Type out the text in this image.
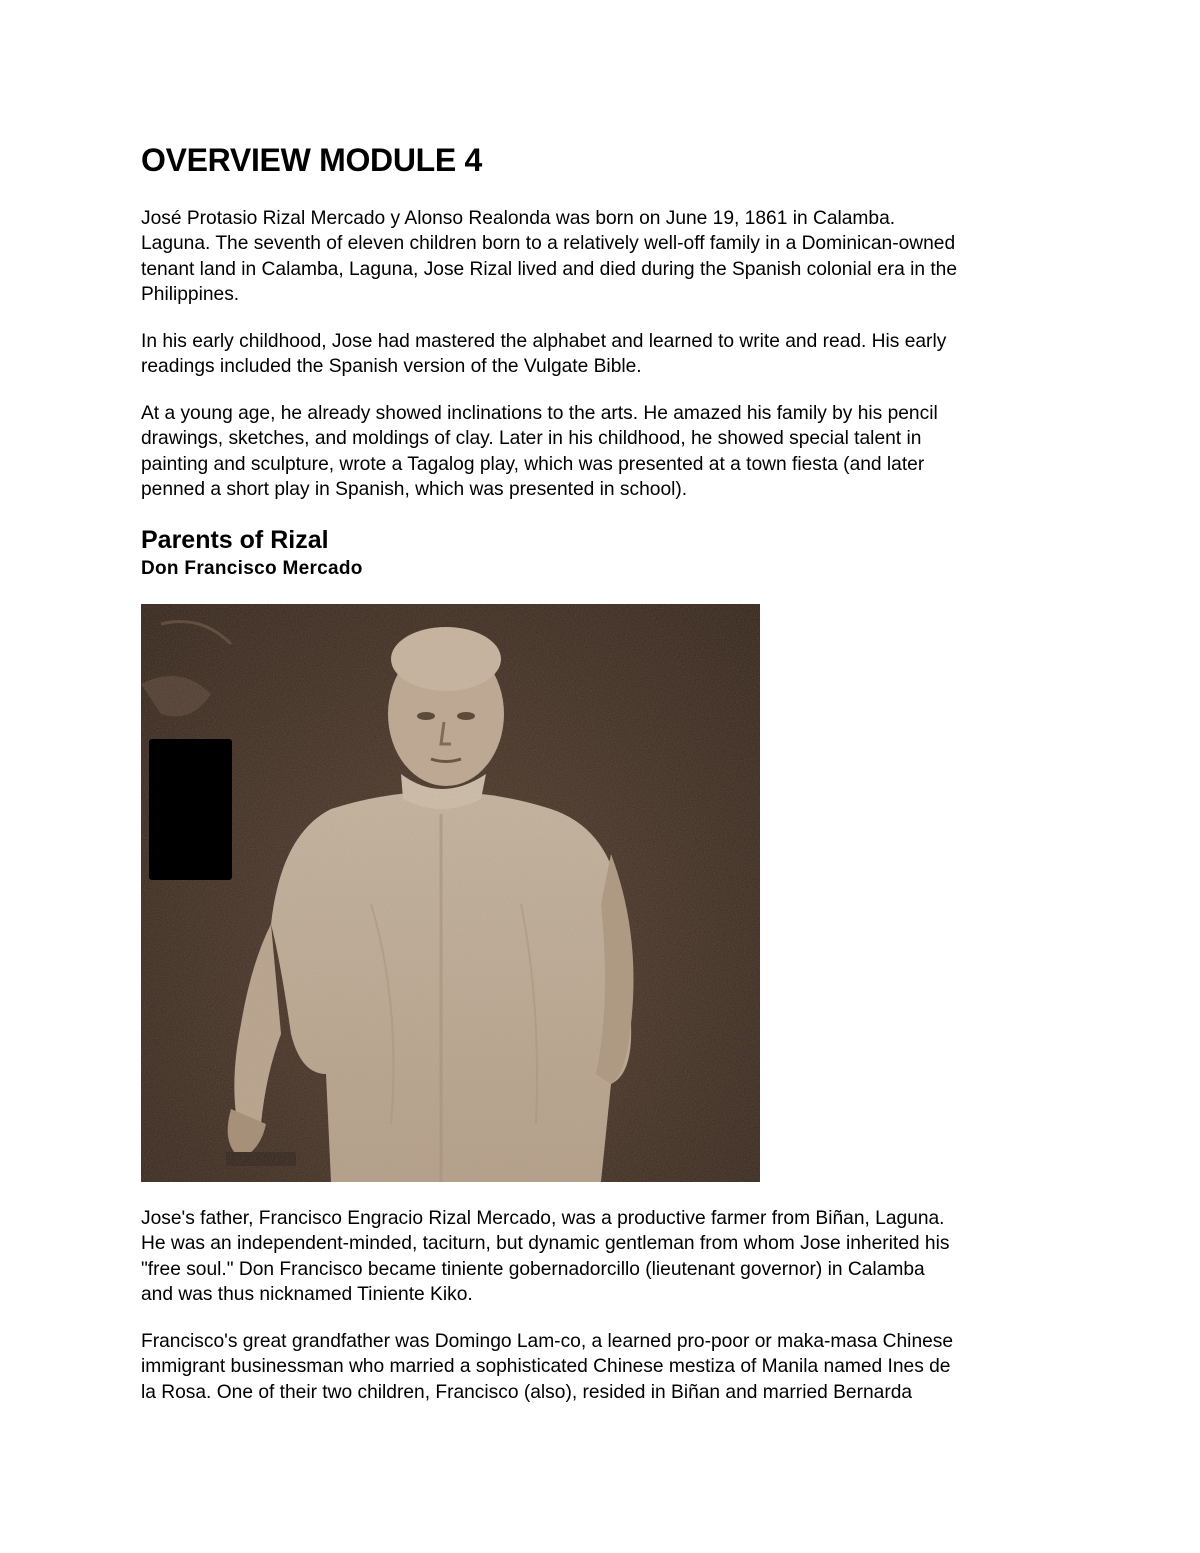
OVERVIEW MODULE 4

José Protasio Rizal Mercado y Alonso Realonda was born on June 19, 1861 in Calamba.
Laguna. The seventh of eleven children born to a relatively well-off family in a Dominican-owned
tenant land in Calamba, Laguna, Jose Rizal lived and died during the Spanish colonial era in the
Philippines.

In his early childhood, Jose had mastered the alphabet and learned to write and read. His early
readings included the Spanish version of the Vulgate Bible.

At a young age, he already showed inclinations to the arts. He amazed his family by his pencil
drawings, sketches, and moldings of clay. Later in his childhood, he showed special talent in
painting and sculpture, wrote a Tagalog play, which was presented at a town fiesta (and later
penned a short play in Spanish, which was presented in school).

Parents of Rizal
Don Francisco Mercado

Jose's father, Francisco Engracio Rizal Mercado, was a productive farmer from Biñan, Laguna.
He was an independent-minded, taciturn, but dynamic gentleman from whom Jose inherited his
"free soul." Don Francisco became tiniente gobernadorcillo (lieutenant governor) in Calamba
and was thus nicknamed Tiniente Kiko.

Francisco's great grandfather was Domingo Lam-co, a learned pro-poor or maka-masa Chinese
immigrant businessman who married a sophisticated Chinese mestiza of Manila named Ines de
la Rosa. One of their two children, Francisco (also), resided in Biñan and married Bernarda
